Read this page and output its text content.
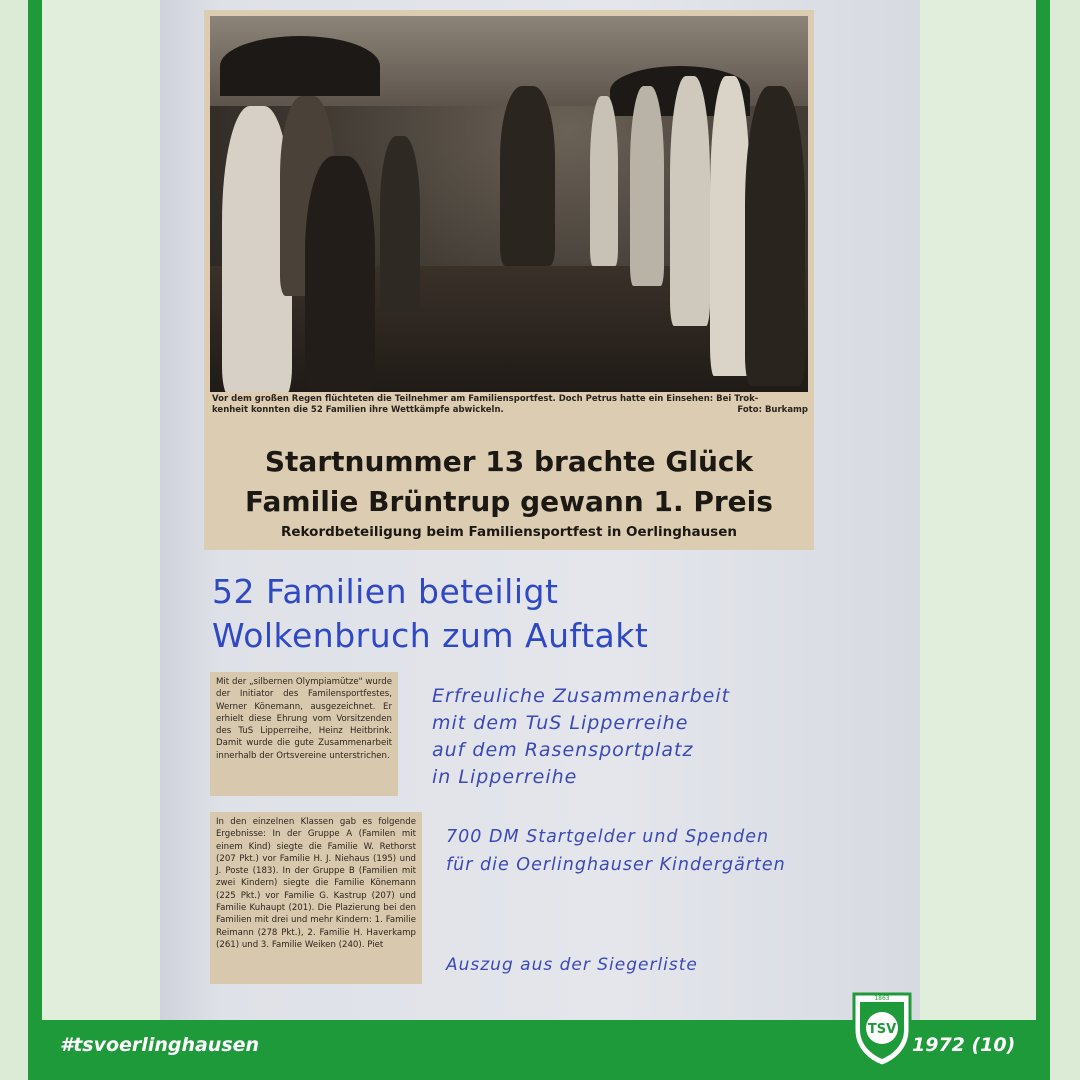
Vor dem großen Regen flüchteten die Teilnehmer am Familiensportfest. Doch Petrus hatte ein Einsehen: Bei Trok-
kenheit konnten die 52 Familien ihre Wettkämpfe abwickeln.	Foto: Burkamp
Startnummer 13 brachte Glück
Familie Brüntrup gewann 1. Preis
Rekordbeteiligung beim Familiensportfest in Oerlinghausen
52 Familien beteiligt
Wolkenbruch zum Auftakt
Mit der „silbernen Olympiamütze" wurde der Initiator des Familensportfestes, Werner Könemann, ausgezeichnet. Er erhielt diese Ehrung vom Vorsitzenden des TuS Lipperreihe, Heinz Heitbrink. Damit wurde die gute Zusammenarbeit innerhalb der Ortsvereine unterstrichen.
In den einzelnen Klassen gab es folgende Ergebnisse: In der Gruppe A (Familen mit einem Kind) siegte die Familie W. Rethorst (207 Pkt.) vor Familie H. J. Niehaus (195) und J. Poste (183). In der Gruppe B (Familien mit zwei Kindern) siegte die Familie Könemann (225 Pkt.) vor Familie G. Kastrup (207) und Familie Kuhaupt (201). Die Plazierung bei den Familien mit drei und mehr Kindern: 1. Familie Reimann (278 Pkt.), 2. Familie H. Haverkamp (261) und 3. Familie Weiken (240). Piet
Erfreuliche Zusammenarbeit
mit dem TuS Lipperreihe
auf dem Rasensportplatz
in Lipperreihe
700 DM Startgelder und Spenden
für die Oerlinghauser Kindergärten
Auszug aus der Siegerliste
#tsvoerlinghausen	1972 (10)
1863
TSV
